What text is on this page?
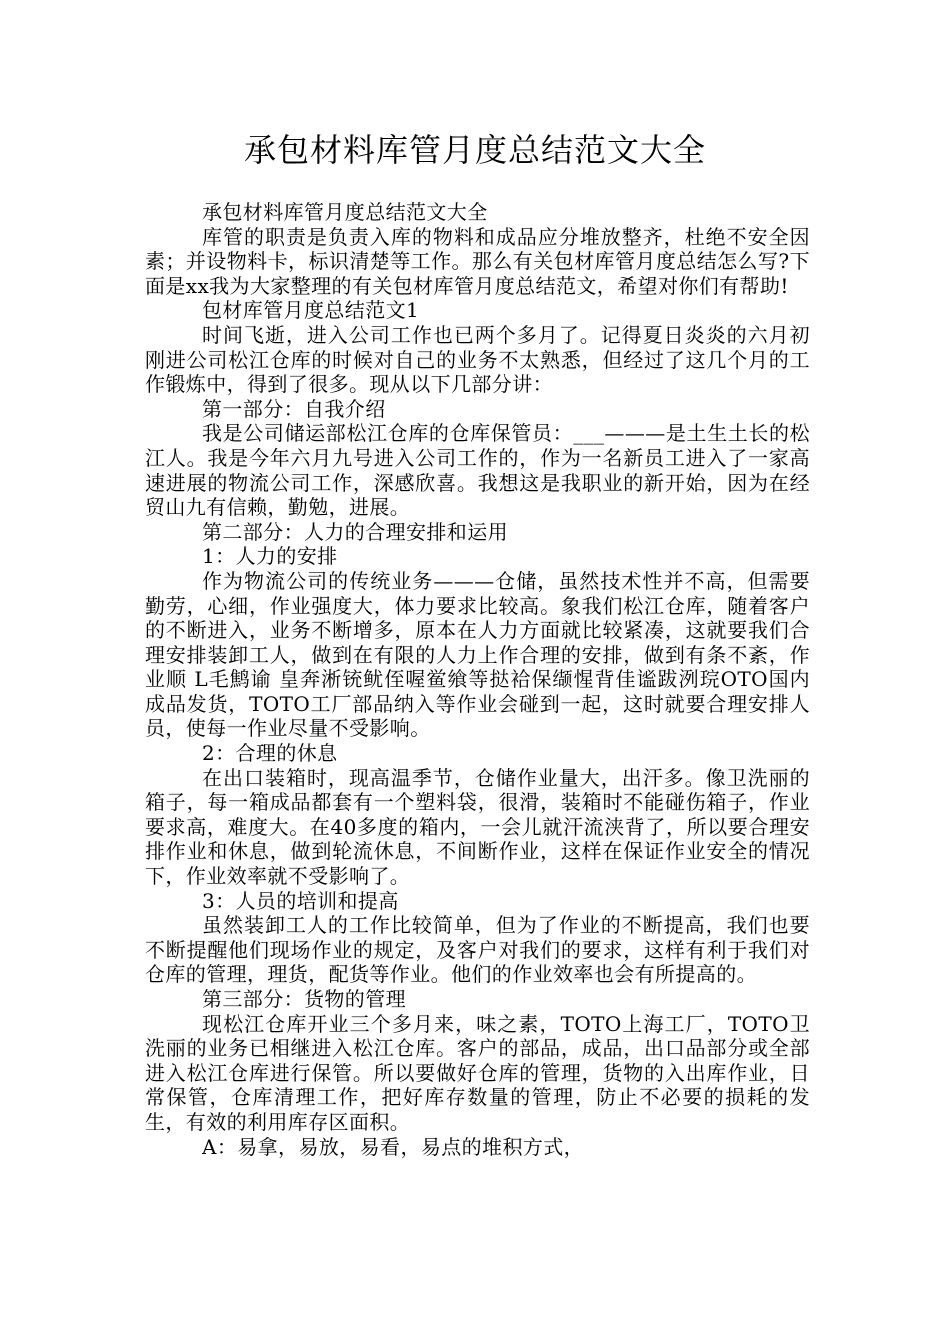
承包材料库管月度总结范文大全

承包材料库管月度总结范文大全

库管的职责是负责入库的物料和成品应分堆放整齐，杜绝不安全因素；并设物料卡，标识清楚等工作。那么有关包材库管月度总结怎么写?下面是xx我为大家整理的有关包材库管月度总结范文，希望对你们有帮助!

包材库管月度总结范文1

时间飞逝，进入公司工作也已两个多月了。记得夏日炎炎的六月初刚进公司松江仓库的时候对自己的业务不太熟悉，但经过了这几个月的工作锻炼中，得到了很多。现从以下几部分讲：

第一部分：自我介绍

我是公司储运部松江仓库的仓库保管员：___———是土生土长的松江人。我是今年六月九号进入公司工作的，作为一名新员工进入了一家高速进展的物流公司工作，深感欣喜。我想这是我职业的新开始，因为在经贸山九有信赖，勤勉，进展。

第二部分：人力的合理安排和运用

1：人力的安排

作为物流公司的传统业务———仓储，虽然技术性并不高，但需要勤劳，心细，作业强度大，体力要求比较高。象我们松江仓库，随着客户的不断进入，业务不断增多，原本在人力方面就比较紧凑，这就要我们合理安排装卸工人，做到在有限的人力上作合理的安排，做到有条不紊，作业顺 L毛鹪谕 皇奔淅铳鱿侄喔鲎飨等挞袷保缬惺背佳谧跋洌琓OTO国内成品发货，TOTO工厂部品纳入等作业会碰到一起，这时就要合理安排人员，使每一作业尽量不受影响。

2：合理的休息

在出口装箱时，现高温季节，仓储作业量大，出汗多。像卫洗丽的箱子，每一箱成品都套有一个塑料袋，很滑，装箱时不能碰伤箱子，作业要求高，难度大。在40多度的箱内，一会儿就汗流浃背了，所以要合理安排作业和休息，做到轮流休息，不间断作业，这样在保证作业安全的情况下，作业效率就不受影响了。

3：人员的培训和提高

虽然装卸工人的工作比较简单，但为了作业的不断提高，我们也要不断提醒他们现场作业的规定，及客户对我们的要求，这样有利于我们对仓库的管理，理货，配货等作业。他们的作业效率也会有所提高的。

第三部分：货物的管理

现松江仓库开业三个多月来，味之素，TOTO上海工厂，TOTO卫洗丽的业务已相继进入松江仓库。客户的部品，成品，出口品部分或全部进入松江仓库进行保管。所以要做好仓库的管理，货物的入出库作业，日常保管，仓库清理工作，把好库存数量的管理，防止不必要的损耗的发生，有效的利用库存区面积。

A：易拿，易放，易看，易点的堆积方式，
